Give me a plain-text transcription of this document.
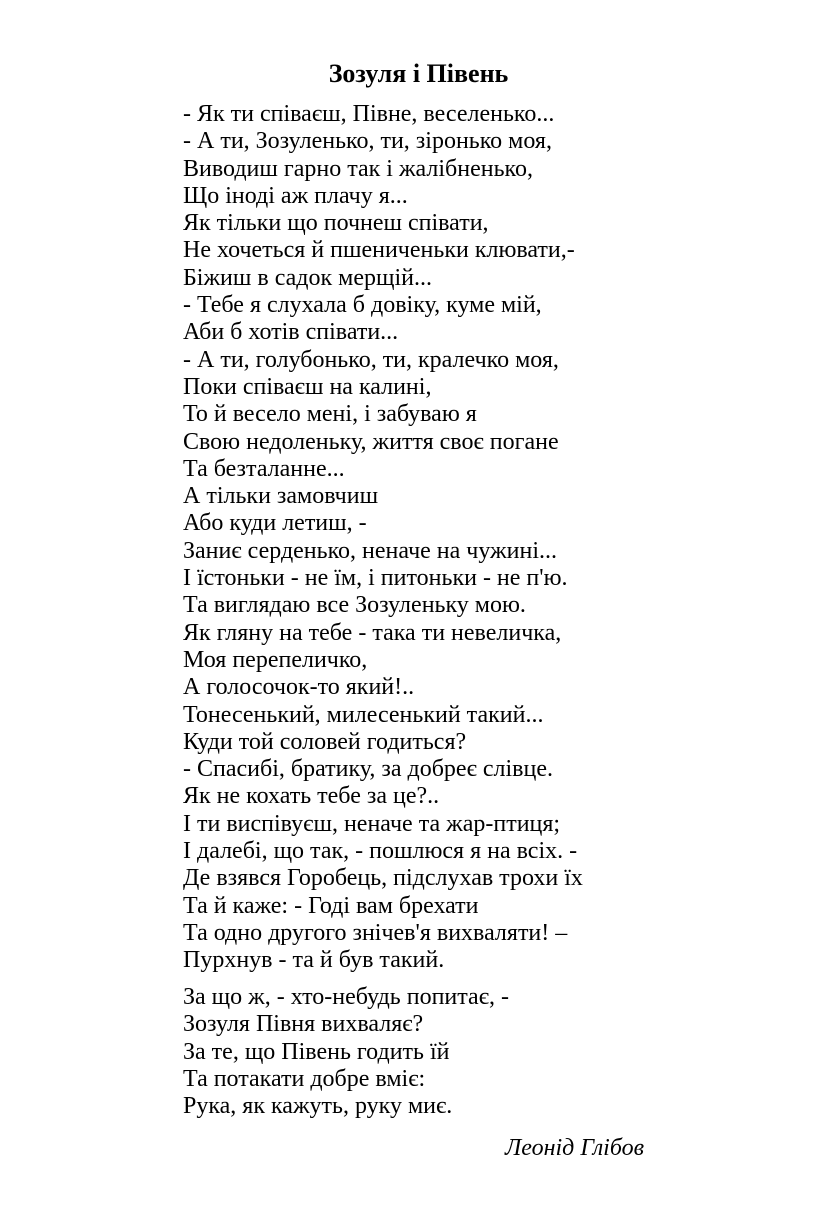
Зозуля і Півень
- Як ти співаєш, Півне, веселенько...
- А ти, Зозуленько, ти, зіронько моя,
Виводиш гарно так і жалібненько,
Що іноді аж плачу я...
Як тільки що почнеш співати,
Не хочеться й пшениченьки клювати,-
Біжиш в садок мерщій...
- Тебе я слухала б довіку, куме мій,
Аби б хотів співати...
- А ти, голубонько, ти, кралечко моя,
Поки співаєш на калині,
То й весело мені, і забуваю я
Свою недоленьку, життя своє погане
Та безталанне...
А тільки замовчиш
Або куди летиш, -
Заниє серденько, неначе на чужині...
І їстоньки - не їм, і питоньки - не п'ю.
Та виглядаю все Зозуленьку мою.
Як гляну на тебе - така ти невеличка,
Моя перепеличко,
А голосочок-то який!..
Тонесенький, милесенький такий...
Куди той соловей годиться?
- Спасибі, братику, за добреє слівце.
Як не кохать тебе за це?..
І ти виспівуєш, неначе та жар-птиця;
І далебі, що так, - пошлюся я на всіх. -
Де взявся Горобець, підслухав трохи їх
Та й каже: - Годі вам брехати
Та одно другого знічев'я вихваляти! –
Пурхнув - та й був такий.
За що ж, - хто-небудь попитає, -
Зозуля Півня вихваляє?
За те, що Півень годить їй
Та потакати добре вміє:
Рука, як кажуть, руку миє.

Леонід Глібов
